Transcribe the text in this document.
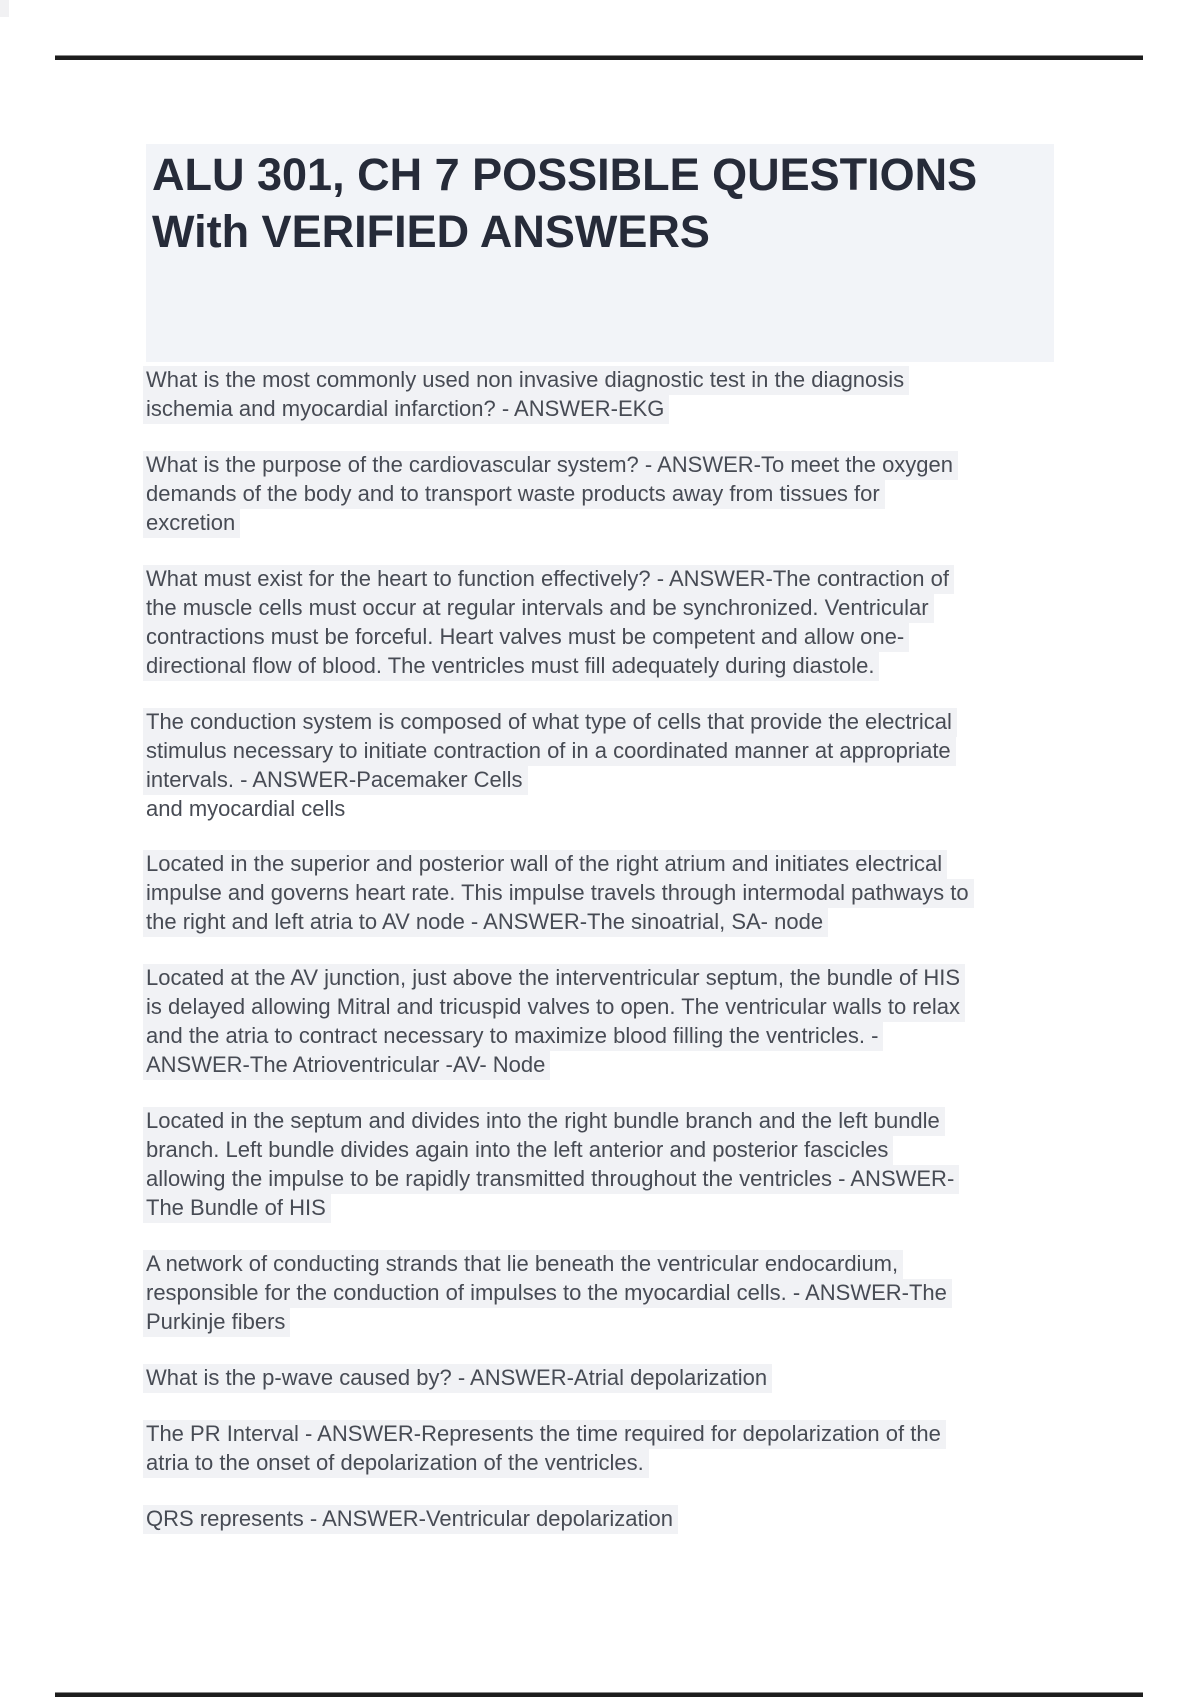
ALU 301, CH 7 POSSIBLE QUESTIONS
With VERIFIED ANSWERS
What is the most commonly used non invasive diagnostic test in the diagnosis
ischemia and myocardial infarction? - ANSWER-EKG
What is the purpose of the cardiovascular system? - ANSWER-To meet the oxygen
demands of the body and to transport waste products away from tissues for
excretion
What must exist for the heart to function effectively? - ANSWER-The contraction of
the muscle cells must occur at regular intervals and be synchronized. Ventricular
contractions must be forceful. Heart valves must be competent and allow one-
directional flow of blood. The ventricles must fill adequately during diastole.
The conduction system is composed of what type of cells that provide the electrical
stimulus necessary to initiate contraction of in a coordinated manner at appropriate
intervals. - ANSWER-Pacemaker Cells
and myocardial cells
Located in the superior and posterior wall of the right atrium and initiates electrical
impulse and governs heart rate. This impulse travels through intermodal pathways to
the right and left atria to AV node - ANSWER-The sinoatrial, SA- node
Located at the AV junction, just above the interventricular septum, the bundle of HIS
is delayed allowing Mitral and tricuspid valves to open. The ventricular walls to relax
and the atria to contract necessary to maximize blood filling the ventricles. -
ANSWER-The Atrioventricular -AV- Node
Located in the septum and divides into the right bundle branch and the left bundle
branch. Left bundle divides again into the left anterior and posterior fascicles
allowing the impulse to be rapidly transmitted throughout the ventricles - ANSWER-
The Bundle of HIS
A network of conducting strands that lie beneath the ventricular endocardium,
responsible for the conduction of impulses to the myocardial cells. - ANSWER-The
Purkinje fibers
What is the p-wave caused by? - ANSWER-Atrial depolarization
The PR Interval - ANSWER-Represents the time required for depolarization of the
atria to the onset of depolarization of the ventricles.
QRS represents - ANSWER-Ventricular depolarization
